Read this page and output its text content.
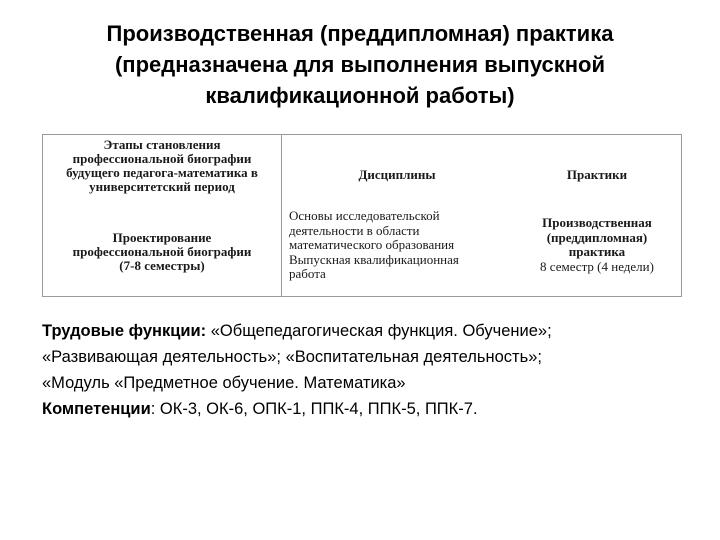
Производственная (преддипломная) практика
(предназначена для выполнения выпускной
квалификационной работы)
Этапы становления
профессиональной биографии
будущего педагога-математика в
университетский период
Проектирование
профессиональной биографии
(7-8 семестры)
Дисциплины
Основы исследовательской
деятельности в области
математического образования
Выпускная квалификационная
работа
Практики
Производственная
(преддипломная)
практика
8 семестр (4 недели)

Трудовые функции: «Общепедагогическая функция. Обучение»;
«Развивающая деятельность»; «Воспитательная деятельность»;
«Модуль «Предметное обучение. Математика»

Компетенции: ОК-3, ОК-6, ОПК-1, ППК-4, ППК-5, ППК-7.
